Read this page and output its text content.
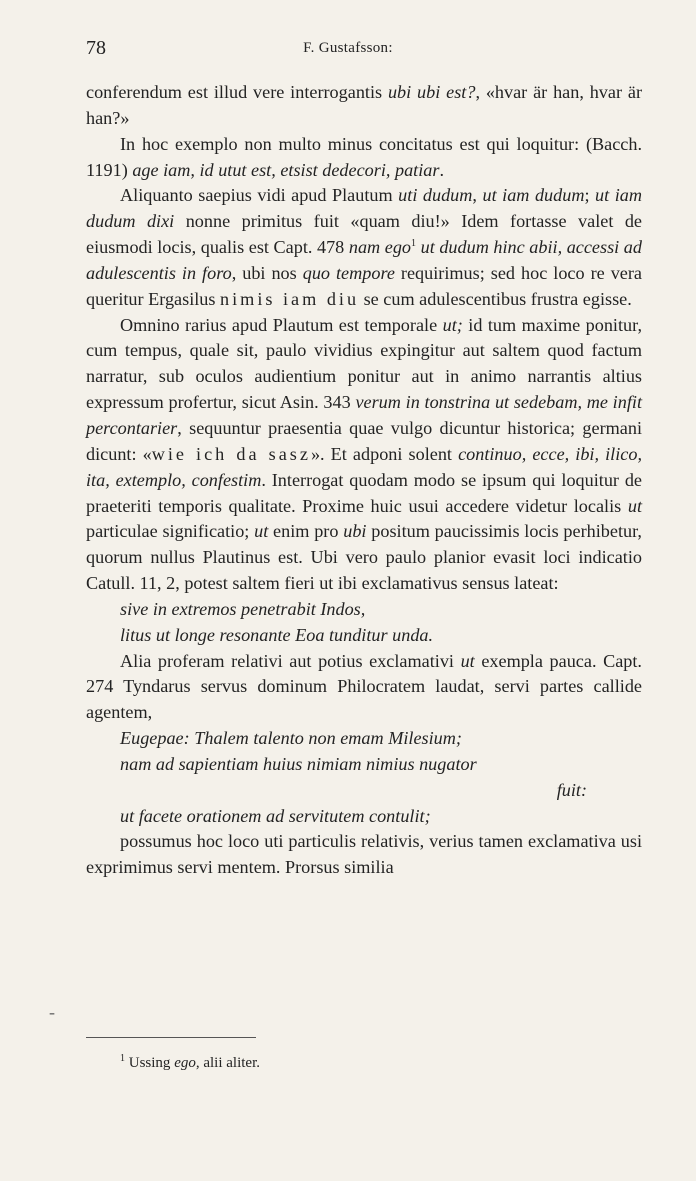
78	F. Gustafsson:

conferendum est illud vere interrogantis ubi ubi est?, «hvar är han, hvar är han?»

In hoc exemplo non multo minus concitatus est qui loquitur: (Bacch. 1191) age iam, id utut est, etsist dedecori, patiar.

Aliquanto saepius vidi apud Plautum uti dudum, ut iam dudum; ut iam dudum dixi nonne primitus fuit «quam diu!» Idem fortasse valet de eiusmodi locis, qualis est Capt. 478 nam ego$^1$ ut dudum hinc abii, accessi ad adulescentis in foro, ubi nos quo tempore requirimus; sed hoc loco re vera queritur Ergasilus nimis iam diu se cum adulescentibus frustra egisse.

Omnino rarius apud Plautum est temporale ut; id tum maxime ponitur, cum tempus, quale sit, paulo vividius expingitur aut saltem quod factum narratur, sub oculos audientium ponitur aut in animo narrantis altius expressum profertur, sicut Asin. 343 verum in tonstrina ut sedebam, me infit percontarier, sequuntur praesentia quae vulgo dicuntur historica; germani dicunt: «wie ich da sasz». Et adponi solent continuo, ecce, ibi, ilico, ita, extemplo, confestim. Interrogat quodam modo se ipsum qui loquitur de praeteriti temporis qualitate. Proxime huic usui accedere videtur localis ut particulae significatio; ut enim pro ubi positum paucissimis locis perhibetur, quorum nullus Plautinus est. Ubi vero paulo planior evasit loci indicatio Catull. 11, 2, potest saltem fieri ut ibi exclamativus sensus lateat:

sive in extremos penetrabit Indos,

litus ut longe resonante Eoa tunditur unda.

Alia proferam relativi aut potius exclamativi ut exempla pauca. Capt. 274 Tyndarus servus dominum Philocratem laudat, servi partes callide agentem,

Eugepae: Thalem talento non emam Milesium;

nam ad sapientiam huius nimiam nimius nugator

fuit:

ut facete orationem ad servitutem contulit;

possumus hoc loco uti particulis relativis, verius tamen exclamativa usi exprimimus servi mentem. Prorsus similia

-
$^1$ Ussing ego, alii aliter.
